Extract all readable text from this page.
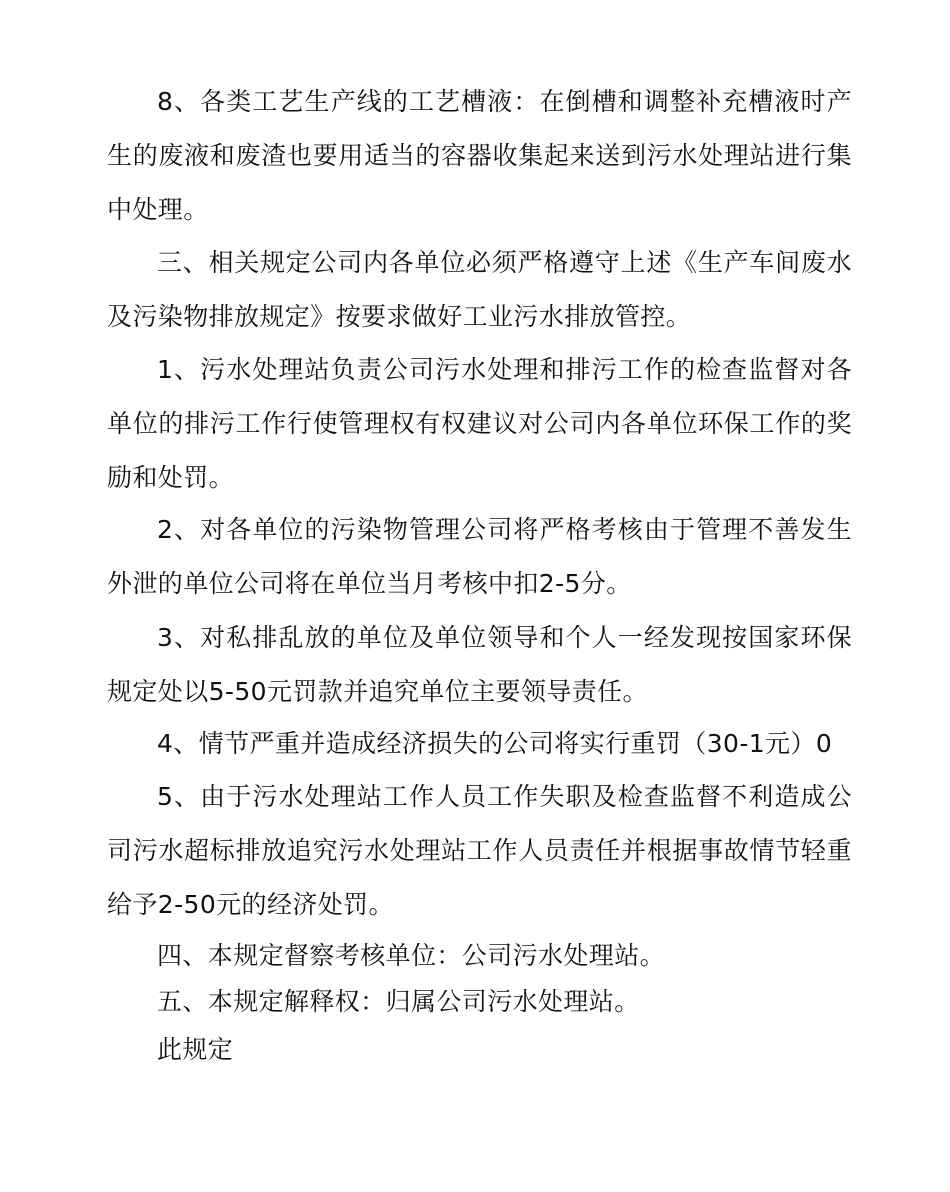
8、各类工艺生产线的工艺槽液：在倒槽和调整补充槽液时产生的废液和废渣也要用适当的容器收集起来送到污水处理站进行集中处理。

三、相关规定公司内各单位必须严格遵守上述《生产车间废水及污染物排放规定》按要求做好工业污水排放管控。

1、污水处理站负责公司污水处理和排污工作的检查监督对各单位的排污工作行使管理权有权建议对公司内各单位环保工作的奖励和处罚。

2、对各单位的污染物管理公司将严格考核由于管理不善发生外泄的单位公司将在单位当月考核中扣2-5分。

3、对私排乱放的单位及单位领导和个人一经发现按国家环保规定处以5-50元罚款并追究单位主要领导责任。

4、情节严重并造成经济损失的公司将实行重罚（30-1元）0

5、由于污水处理站工作人员工作失职及检查监督不利造成公司污水超标排放追究污水处理站工作人员责任并根据事故情节轻重给予2-50元的经济处罚。

四、本规定督察考核单位：公司污水处理站。

五、本规定解释权：归属公司污水处理站。

此规定
